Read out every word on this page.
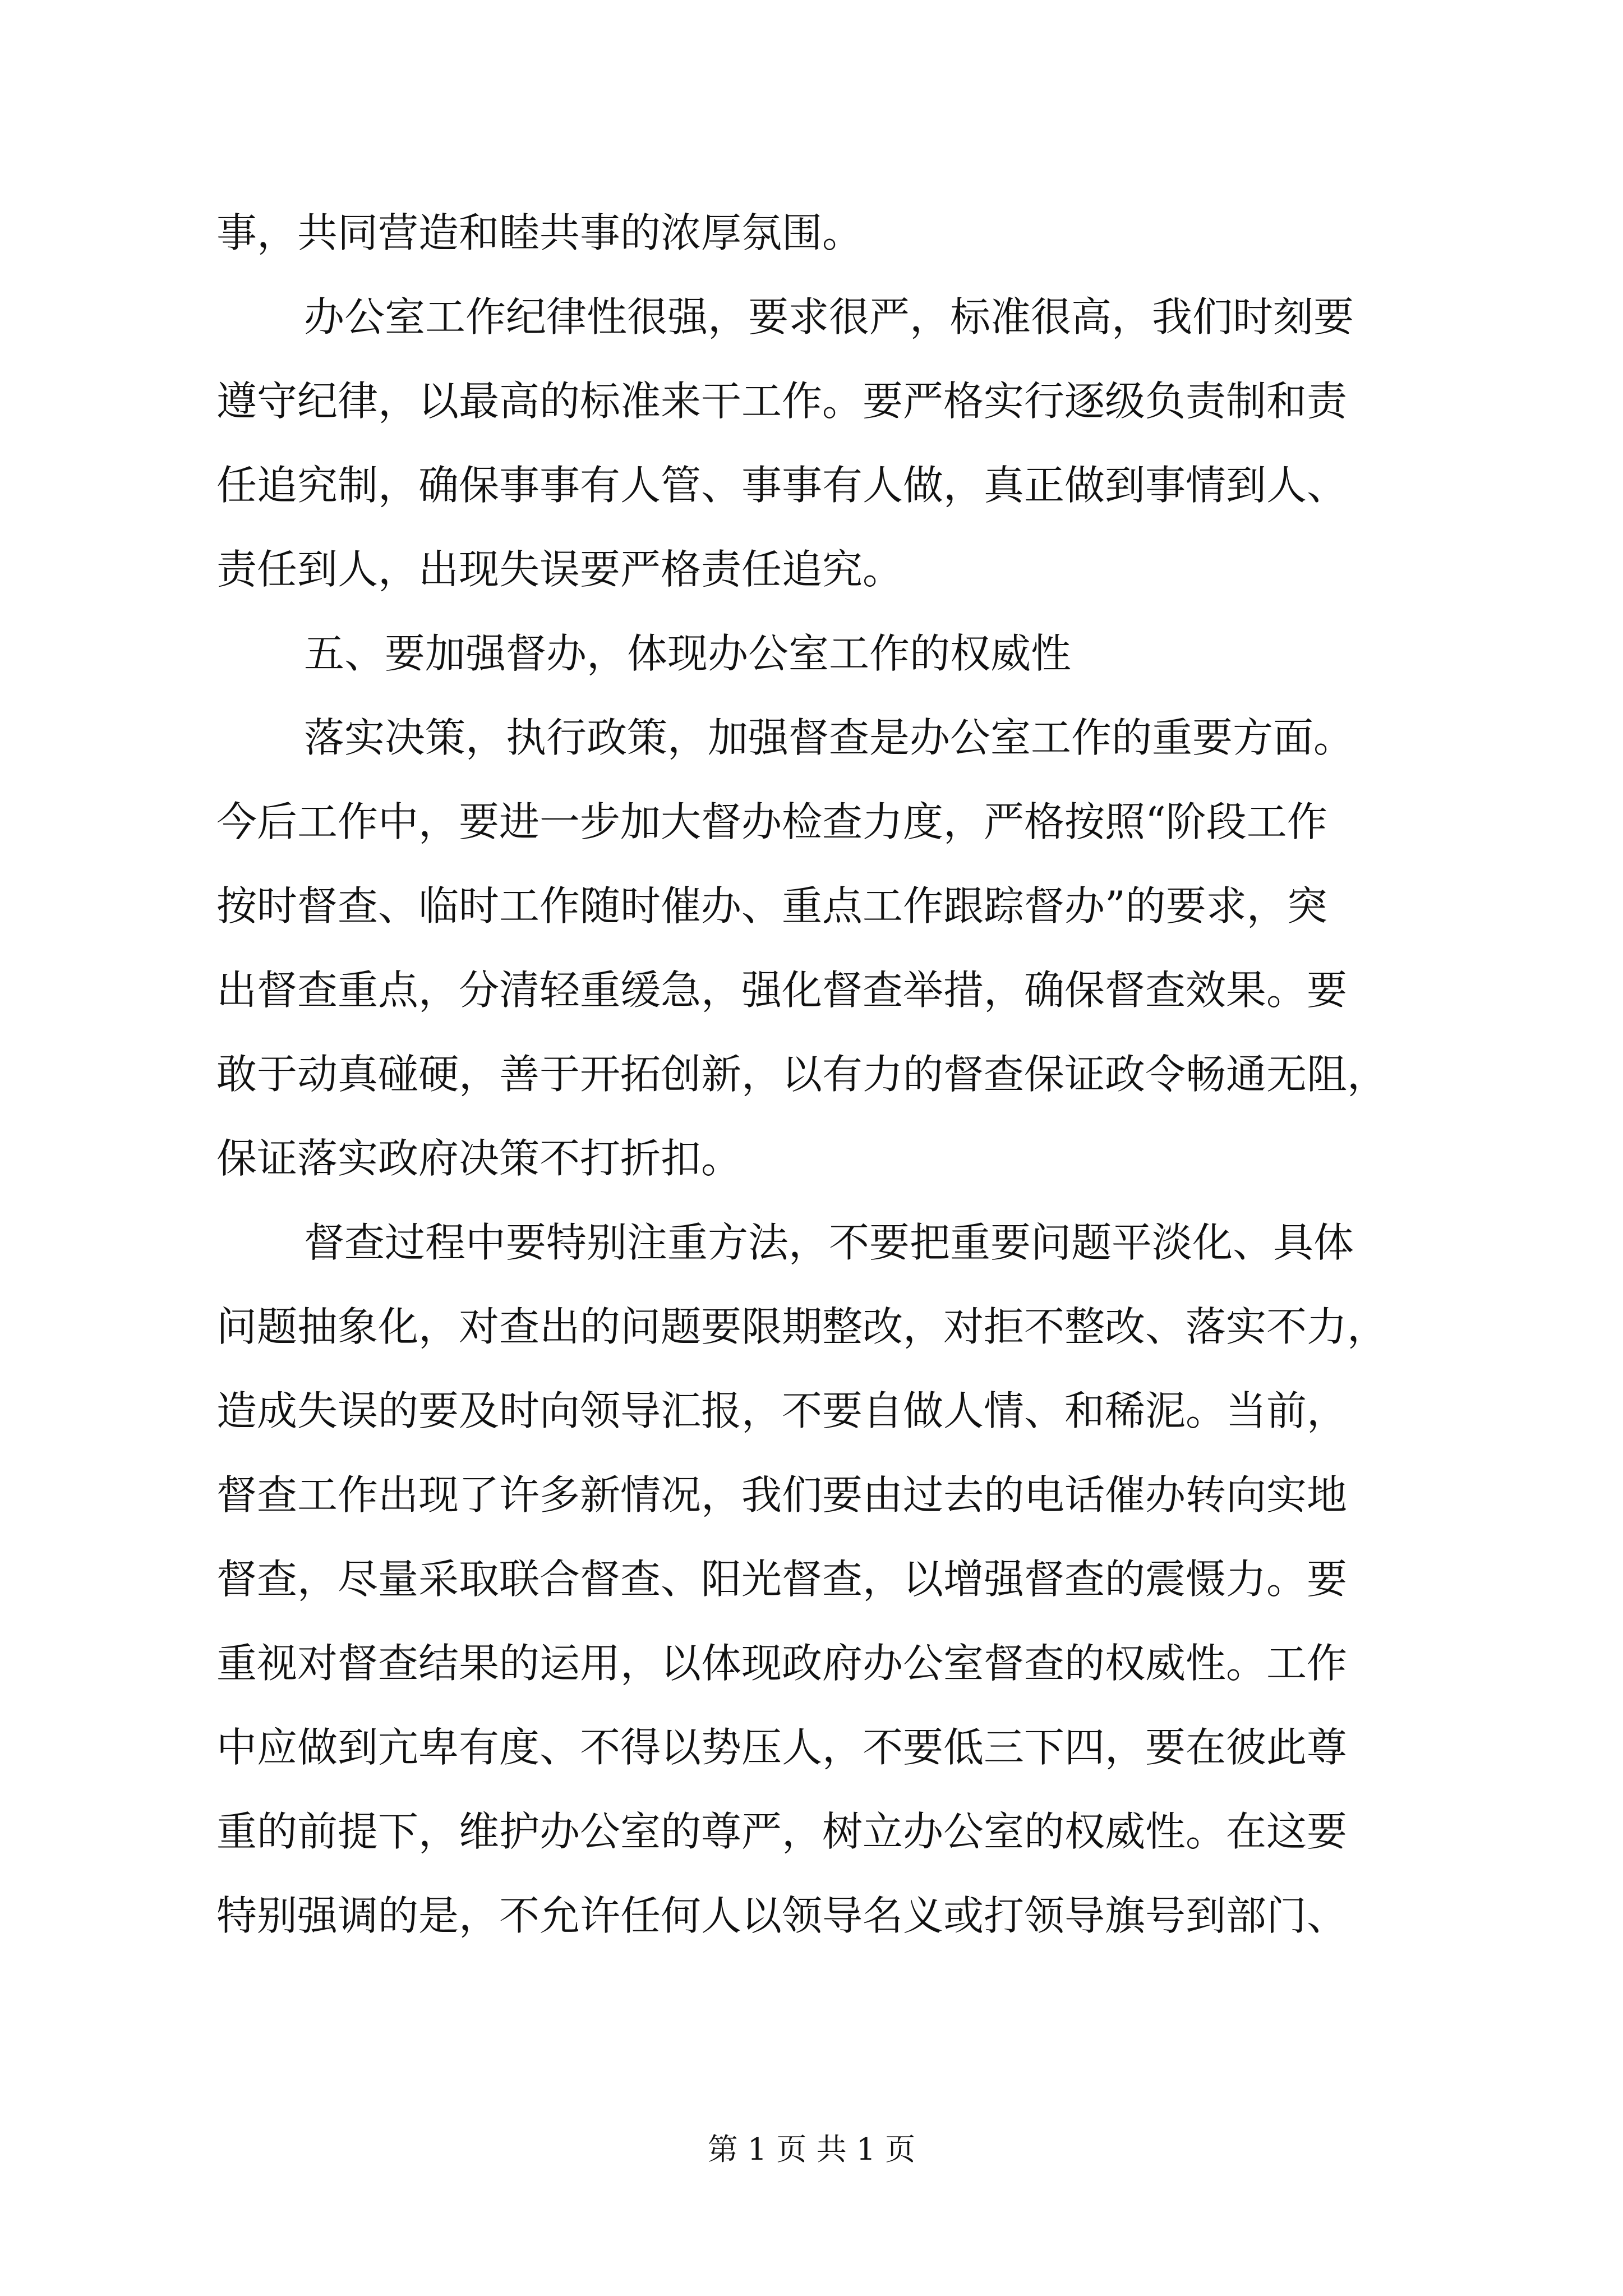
事，共同营造和睦共事的浓厚氛围。
办公室工作纪律性很强，要求很严，标准很高，我们时刻要
遵守纪律，以最高的标准来干工作。要严格实行逐级负责制和责
任追究制，确保事事有人管、事事有人做，真正做到事情到人、
责任到人，出现失误要严格责任追究。
五、要加强督办，体现办公室工作的权威性
落实决策，执行政策，加强督查是办公室工作的重要方面。
今后工作中，要进一步加大督办检查力度，严格按照“阶段工作
按时督查、临时工作随时催办、重点工作跟踪督办”的要求，突
出督查重点，分清轻重缓急，强化督查举措，确保督查效果。要
敢于动真碰硬，善于开拓创新，以有力的督查保证政令畅通无阻，
保证落实政府决策不打折扣。
督查过程中要特别注重方法，不要把重要问题平淡化、具体
问题抽象化，对查出的问题要限期整改，对拒不整改、落实不力，
造成失误的要及时向领导汇报，不要自做人情、和稀泥。当前，
督查工作出现了许多新情况，我们要由过去的电话催办转向实地
督查，尽量采取联合督查、阳光督查，以增强督查的震慑力。要
重视对督查结果的运用，以体现政府办公室督查的权威性。工作
中应做到亢卑有度、不得以势压人，不要低三下四，要在彼此尊
重的前提下，维护办公室的尊严，树立办公室的权威性。在这要
特别强调的是，不允许任何人以领导名义或打领导旗号到部门、
第 1 页 共 1 页
